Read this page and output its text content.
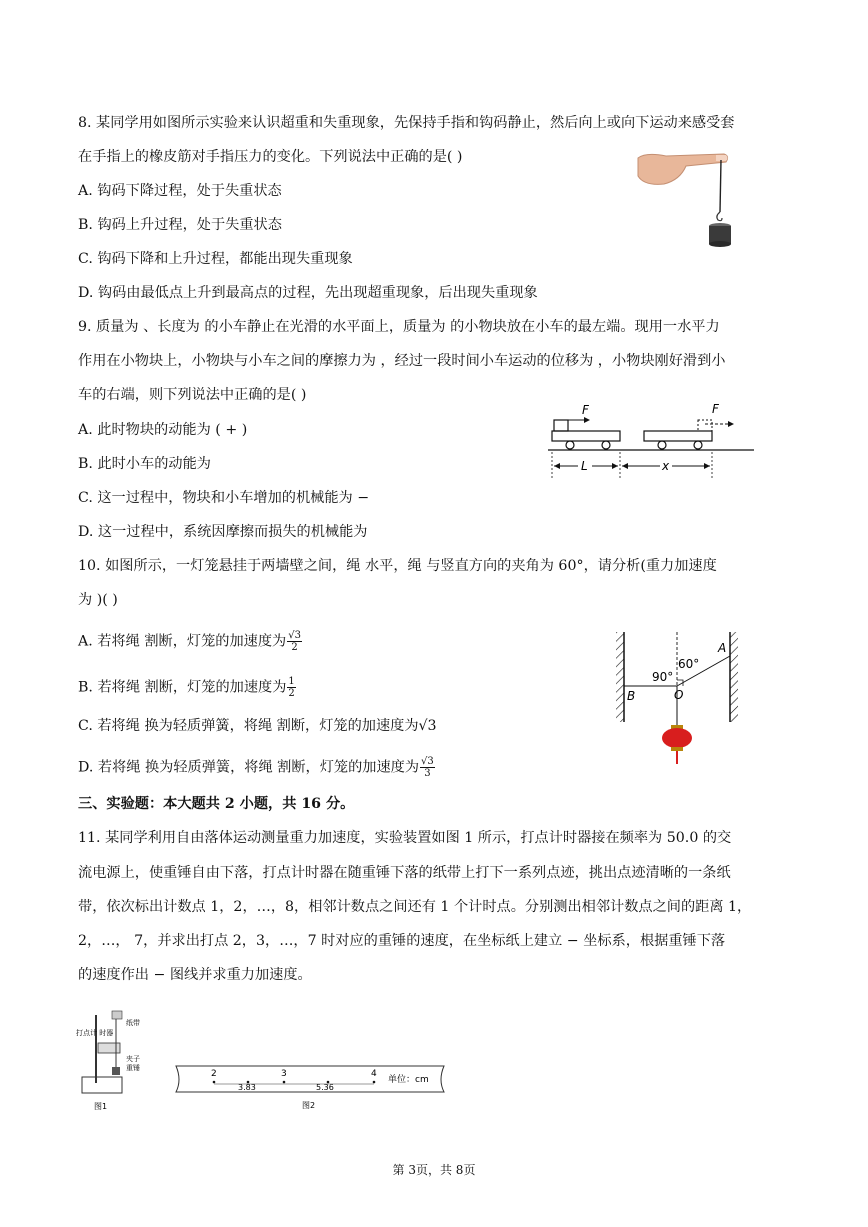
8. 某同学用如图所示实验来认识超重和失重现象，先保持手指和钩码静止，然后向上或向下运动来感受套
在手指上的橡皮筋对手指压力的变化。下列说法中正确的是( )
A. 钩码下降过程，处于失重状态
B. 钩码上升过程，处于失重状态
C. 钩码下降和上升过程，都能出现失重现象
D. 钩码由最低点上升到最高点的过程，先出现超重现象，后出现失重现象
9. 质量为 、长度为 的小车静止在光滑的水平面上，质量为 的小物块放在小车的最左端。现用一水平力
作用在小物块上，小物块与小车之间的摩擦力为 ，经过一段时间小车运动的位移为 ，小物块刚好滑到小
车的右端，则下列说法中正确的是( )
A. 此时物块的动能为 ( + )
B. 此时小车的动能为
C. 这一过程中，物块和小车增加的机械能为 −
D. 这一过程中，系统因摩擦而损失的机械能为
F	F
L	x
10. 如图所示，一灯笼悬挂于两墙壁之间，绳 水平，绳 与竖直方向的夹角为 60°，请分析(重力加速度
为 )( )
A. 若将绳 割断，灯笼的加速度为 $\frac{√3}{2}$
B. 若将绳 割断，灯笼的加速度为 $\frac{1}{2}$
C. 若将绳 换为轻质弹簧，将绳 割断，灯笼的加速度为√3
D. 若将绳 换为轻质弹簧，将绳 割断，灯笼的加速度为 $\frac{√3}{3}$
90°
60°
A
B	O
三、实验题：本大题共 2 小题，共 16 分。
11. 某同学利用自由落体运动测量重力加速度，实验装置如图 1 所示，打点计时器接在频率为 50.0 的交
流电源上，使重锤自由下落，打点计时器在随重锤下落的纸带上打下一系列点迹，挑出点迹清晰的一条纸
带，依次标出计数点 1，2，…，8，相邻计数点之间还有 1 个计时点。分别测出相邻计数点之间的距离 1，
2，…， 7，并求出打点 2，3，…，7 时对应的重锤的速度，在坐标纸上建立 − 坐标系，根据重锤下落
的速度作出 − 图线并求重力加速度。
打点计 时器
纸带
夹子
重锤
图1
2	3	4
3.83	5.36
单位：cm
图2
第 3页，共 8页
